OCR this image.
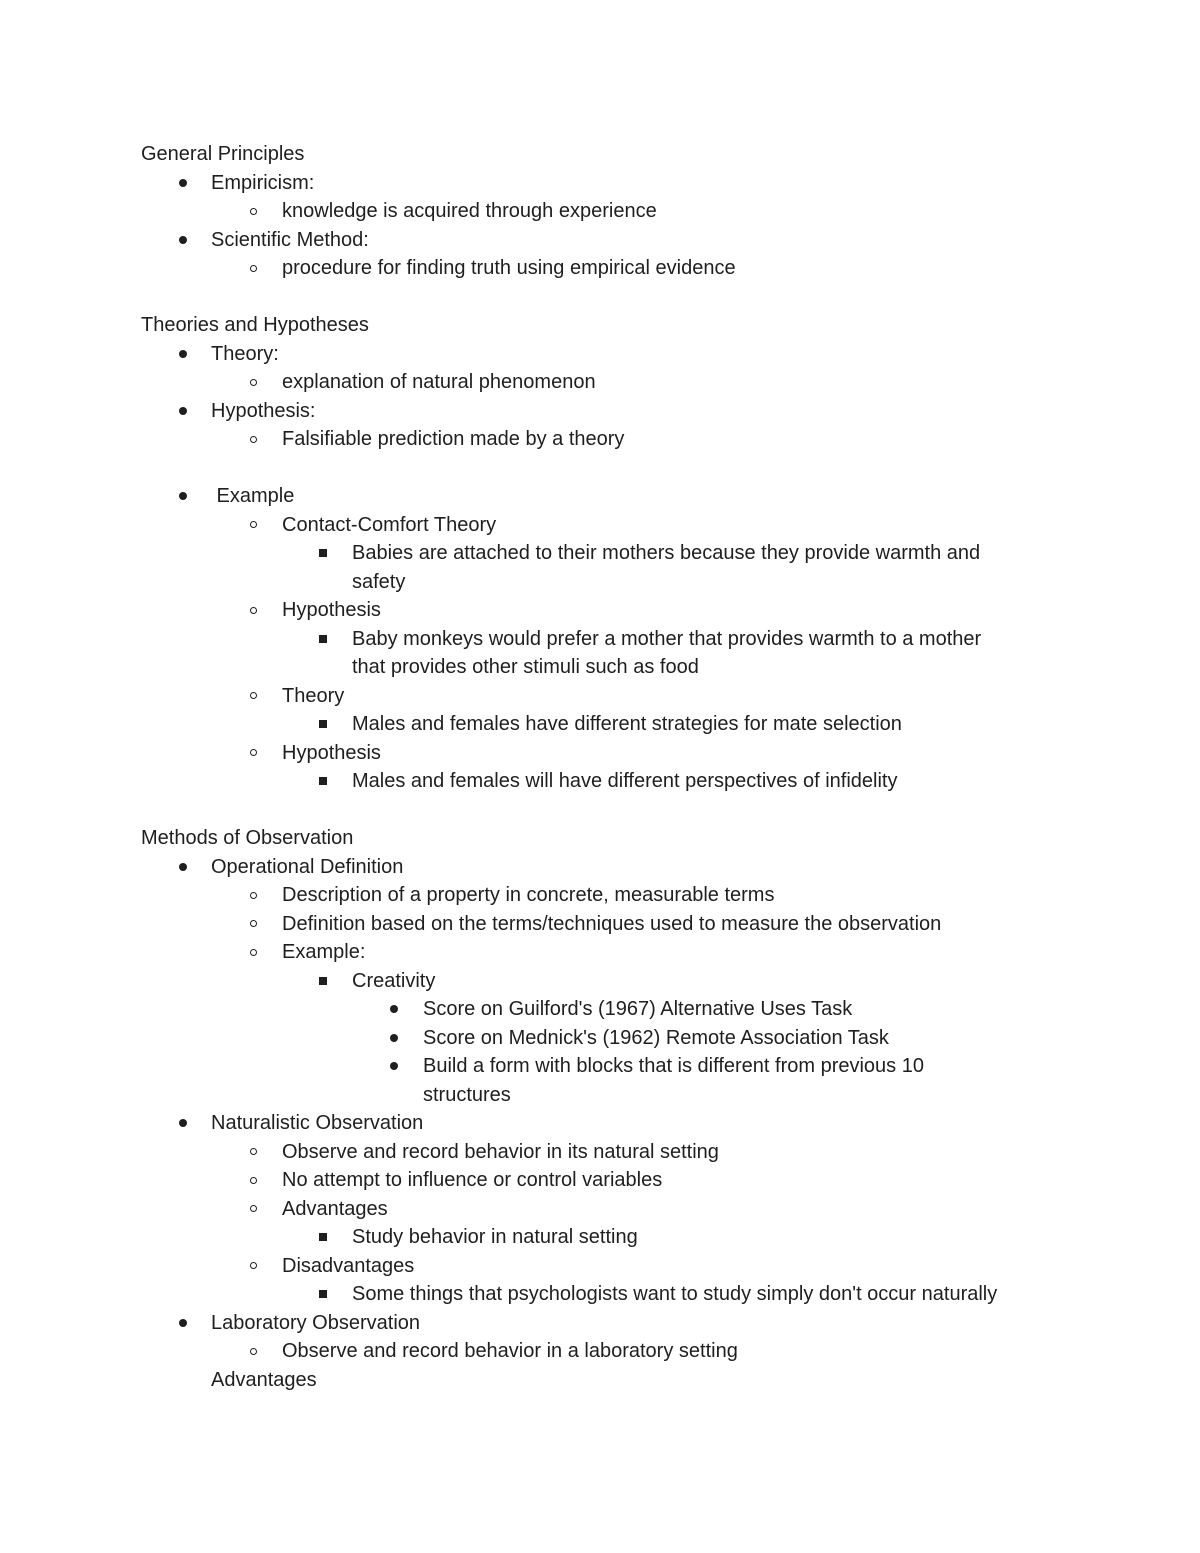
General Principles
Empiricism:
knowledge is acquired through experience
Scientific Method:
procedure for finding truth using empirical evidence
Theories and Hypotheses
Theory:
explanation of natural phenomenon
Hypothesis:
Falsifiable prediction made by a theory
Example
Contact-Comfort Theory
Babies are attached to their mothers because they provide warmth and
safety
Hypothesis
Baby monkeys would prefer a mother that provides warmth to a mother
that provides other stimuli such as food
Theory
Males and females have different strategies for mate selection
Hypothesis
Males and females will have different perspectives of infidelity
Methods of Observation
Operational Definition
Description of a property in concrete, measurable terms
Definition based on the terms/techniques used to measure the observation
Example:
Creativity
Score on Guilford's (1967) Alternative Uses Task
Score on Mednick's (1962) Remote Association Task
Build a form with blocks that is different from previous 10
structures
Naturalistic Observation
Observe and record behavior in its natural setting
No attempt to influence or control variables
Advantages
Study behavior in natural setting
Disadvantages
Some things that psychologists want to study simply don't occur naturally
Laboratory Observation
Observe and record behavior in a laboratory setting
Advantages
